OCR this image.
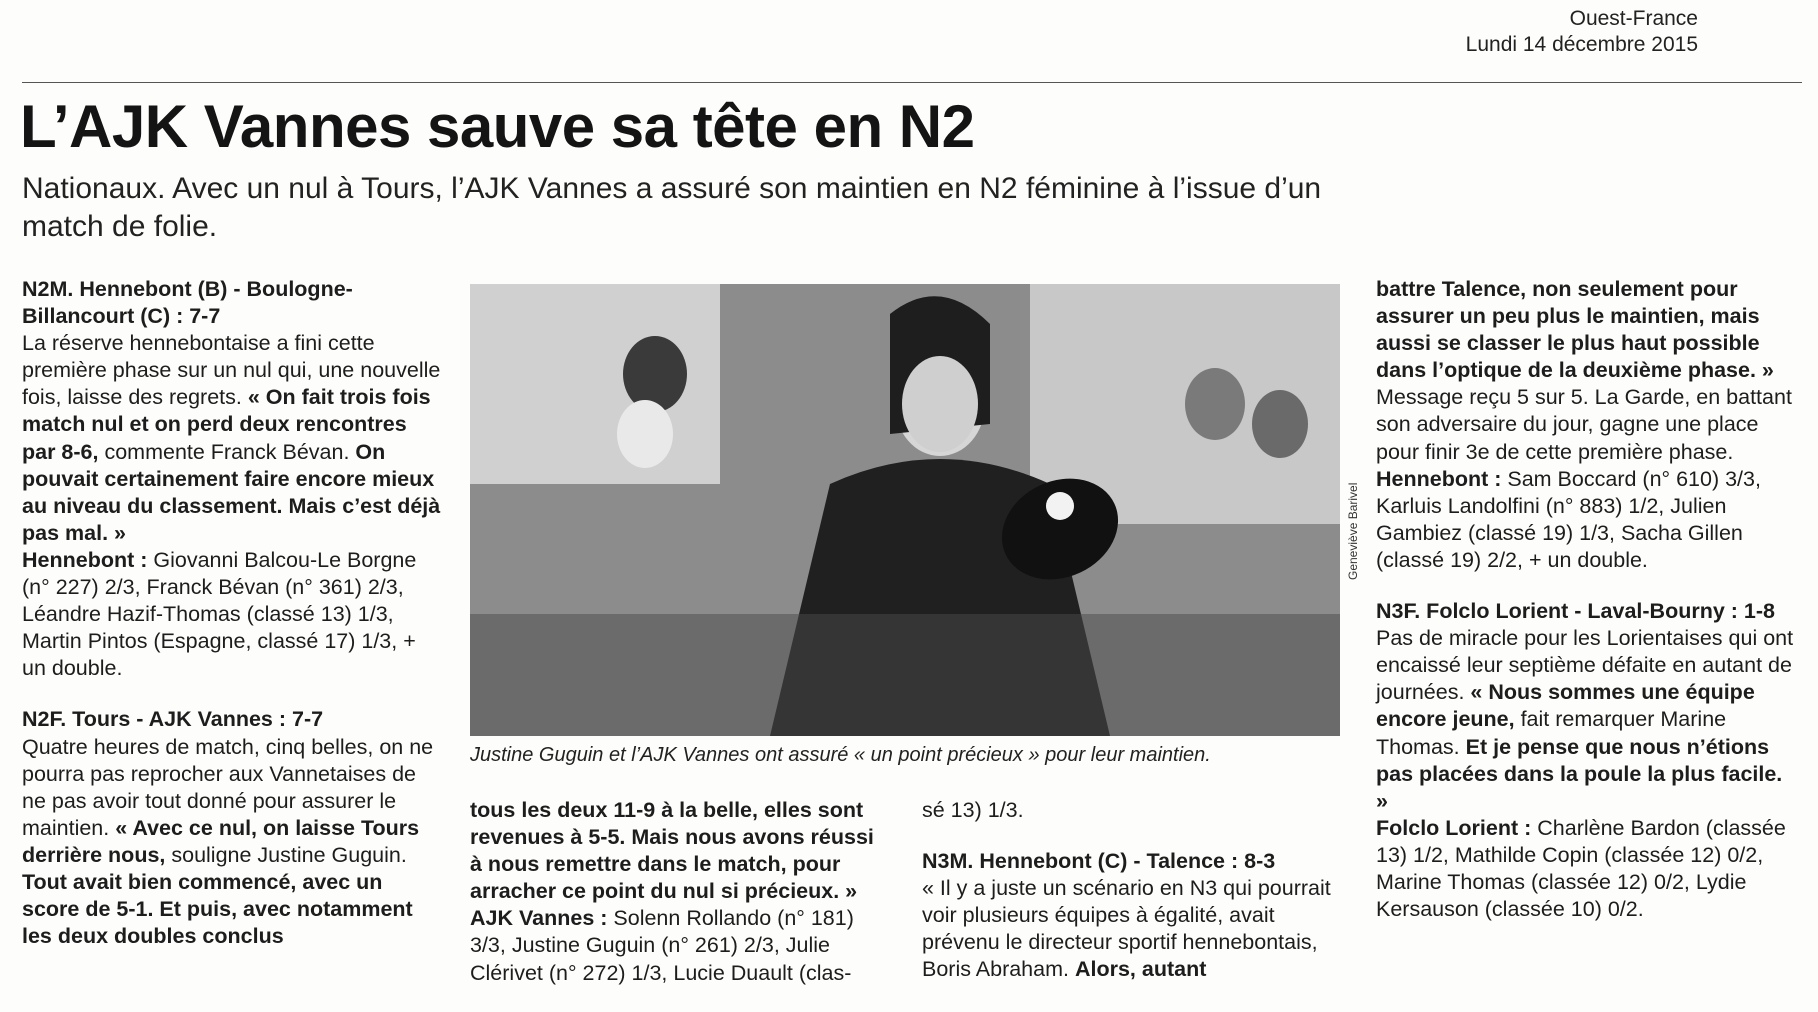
Ouest-France
Lundi 14 décembre 2015
L’AJK Vannes sauve sa tête en N2
Nationaux. Avec un nul à Tours, l’AJK Vannes a assuré son maintien en N2 féminine à l’issue d’un match de folie.

N2M. Hennebont (B) - Boulogne-Billancourt (C) : 7-7

La réserve hennebontaise a fini cette première phase sur un nul qui, une nouvelle fois, laisse des regrets. « On fait trois fois match nul et on perd deux rencontres par 8-6, commente Franck Bévan. On pouvait certainement faire encore mieux au niveau du classement. Mais c’est déjà pas mal. »

Hennebont : Giovanni Balcou-Le Borgne (n° 227) 2/3, Franck Bévan (n° 361) 2/3, Léandre Hazif-Thomas (classé 13) 1/3, Martin Pintos (Espagne, classé 17) 1/3, + un double.

N2F. Tours - AJK Vannes : 7-7

Quatre heures de match, cinq belles, on ne pourra pas reprocher aux Vannetaises de ne pas avoir tout donné pour assurer le maintien. « Avec ce nul, on laisse Tours derrière nous, souligne Justine Guguin. Tout avait bien commencé, avec un score de 5-1. Et puis, avec notamment les deux doubles conclus

Geneviève Barivel
Justine Guguin et l’AJK Vannes ont assuré « un point précieux » pour leur maintien.

tous les deux 11-9 à la belle, elles sont revenues à 5-5. Mais nous avons réussi à nous remettre dans le match, pour arracher ce point du nul si précieux. »

AJK Vannes : Solenn Rollando (n° 181) 3/3, Justine Guguin (n° 261) 2/3, Julie Clérivet (n° 272) 1/3, Lucie Duault (clas-

sé 13) 1/3.

N3M. Hennebont (C) - Talence : 8-3

« Il y a juste un scénario en N3 qui pourrait voir plusieurs équipes à égalité, avait prévenu le directeur sportif hennebontais, Boris Abraham. Alors, autant

battre Talence, non seulement pour assurer un peu plus le maintien, mais aussi se classer le plus haut possible dans l’optique de la deuxième phase. » Message reçu 5 sur 5. La Garde, en battant son adversaire du jour, gagne une place pour finir 3e de cette première phase.

Hennebont : Sam Boccard (n° 610) 3/3, Karluis Landolfini (n° 883) 1/2, Julien Gambiez (classé 19) 1/3, Sacha Gillen (classé 19) 2/2, + un double.

N3F. Folclo Lorient - Laval-Bourny : 1-8

Pas de miracle pour les Lorientaises qui ont encaissé leur septième défaite en autant de journées. « Nous sommes une équipe encore jeune, fait remarquer Marine Thomas. Et je pense que nous n’étions pas placées dans la poule la plus facile. »

Folclo Lorient : Charlène Bardon (classée 13) 1/2, Mathilde Copin (classée 12) 0/2, Marine Thomas (classée 12) 0/2, Lydie Kersauson (classée 10) 0/2.
